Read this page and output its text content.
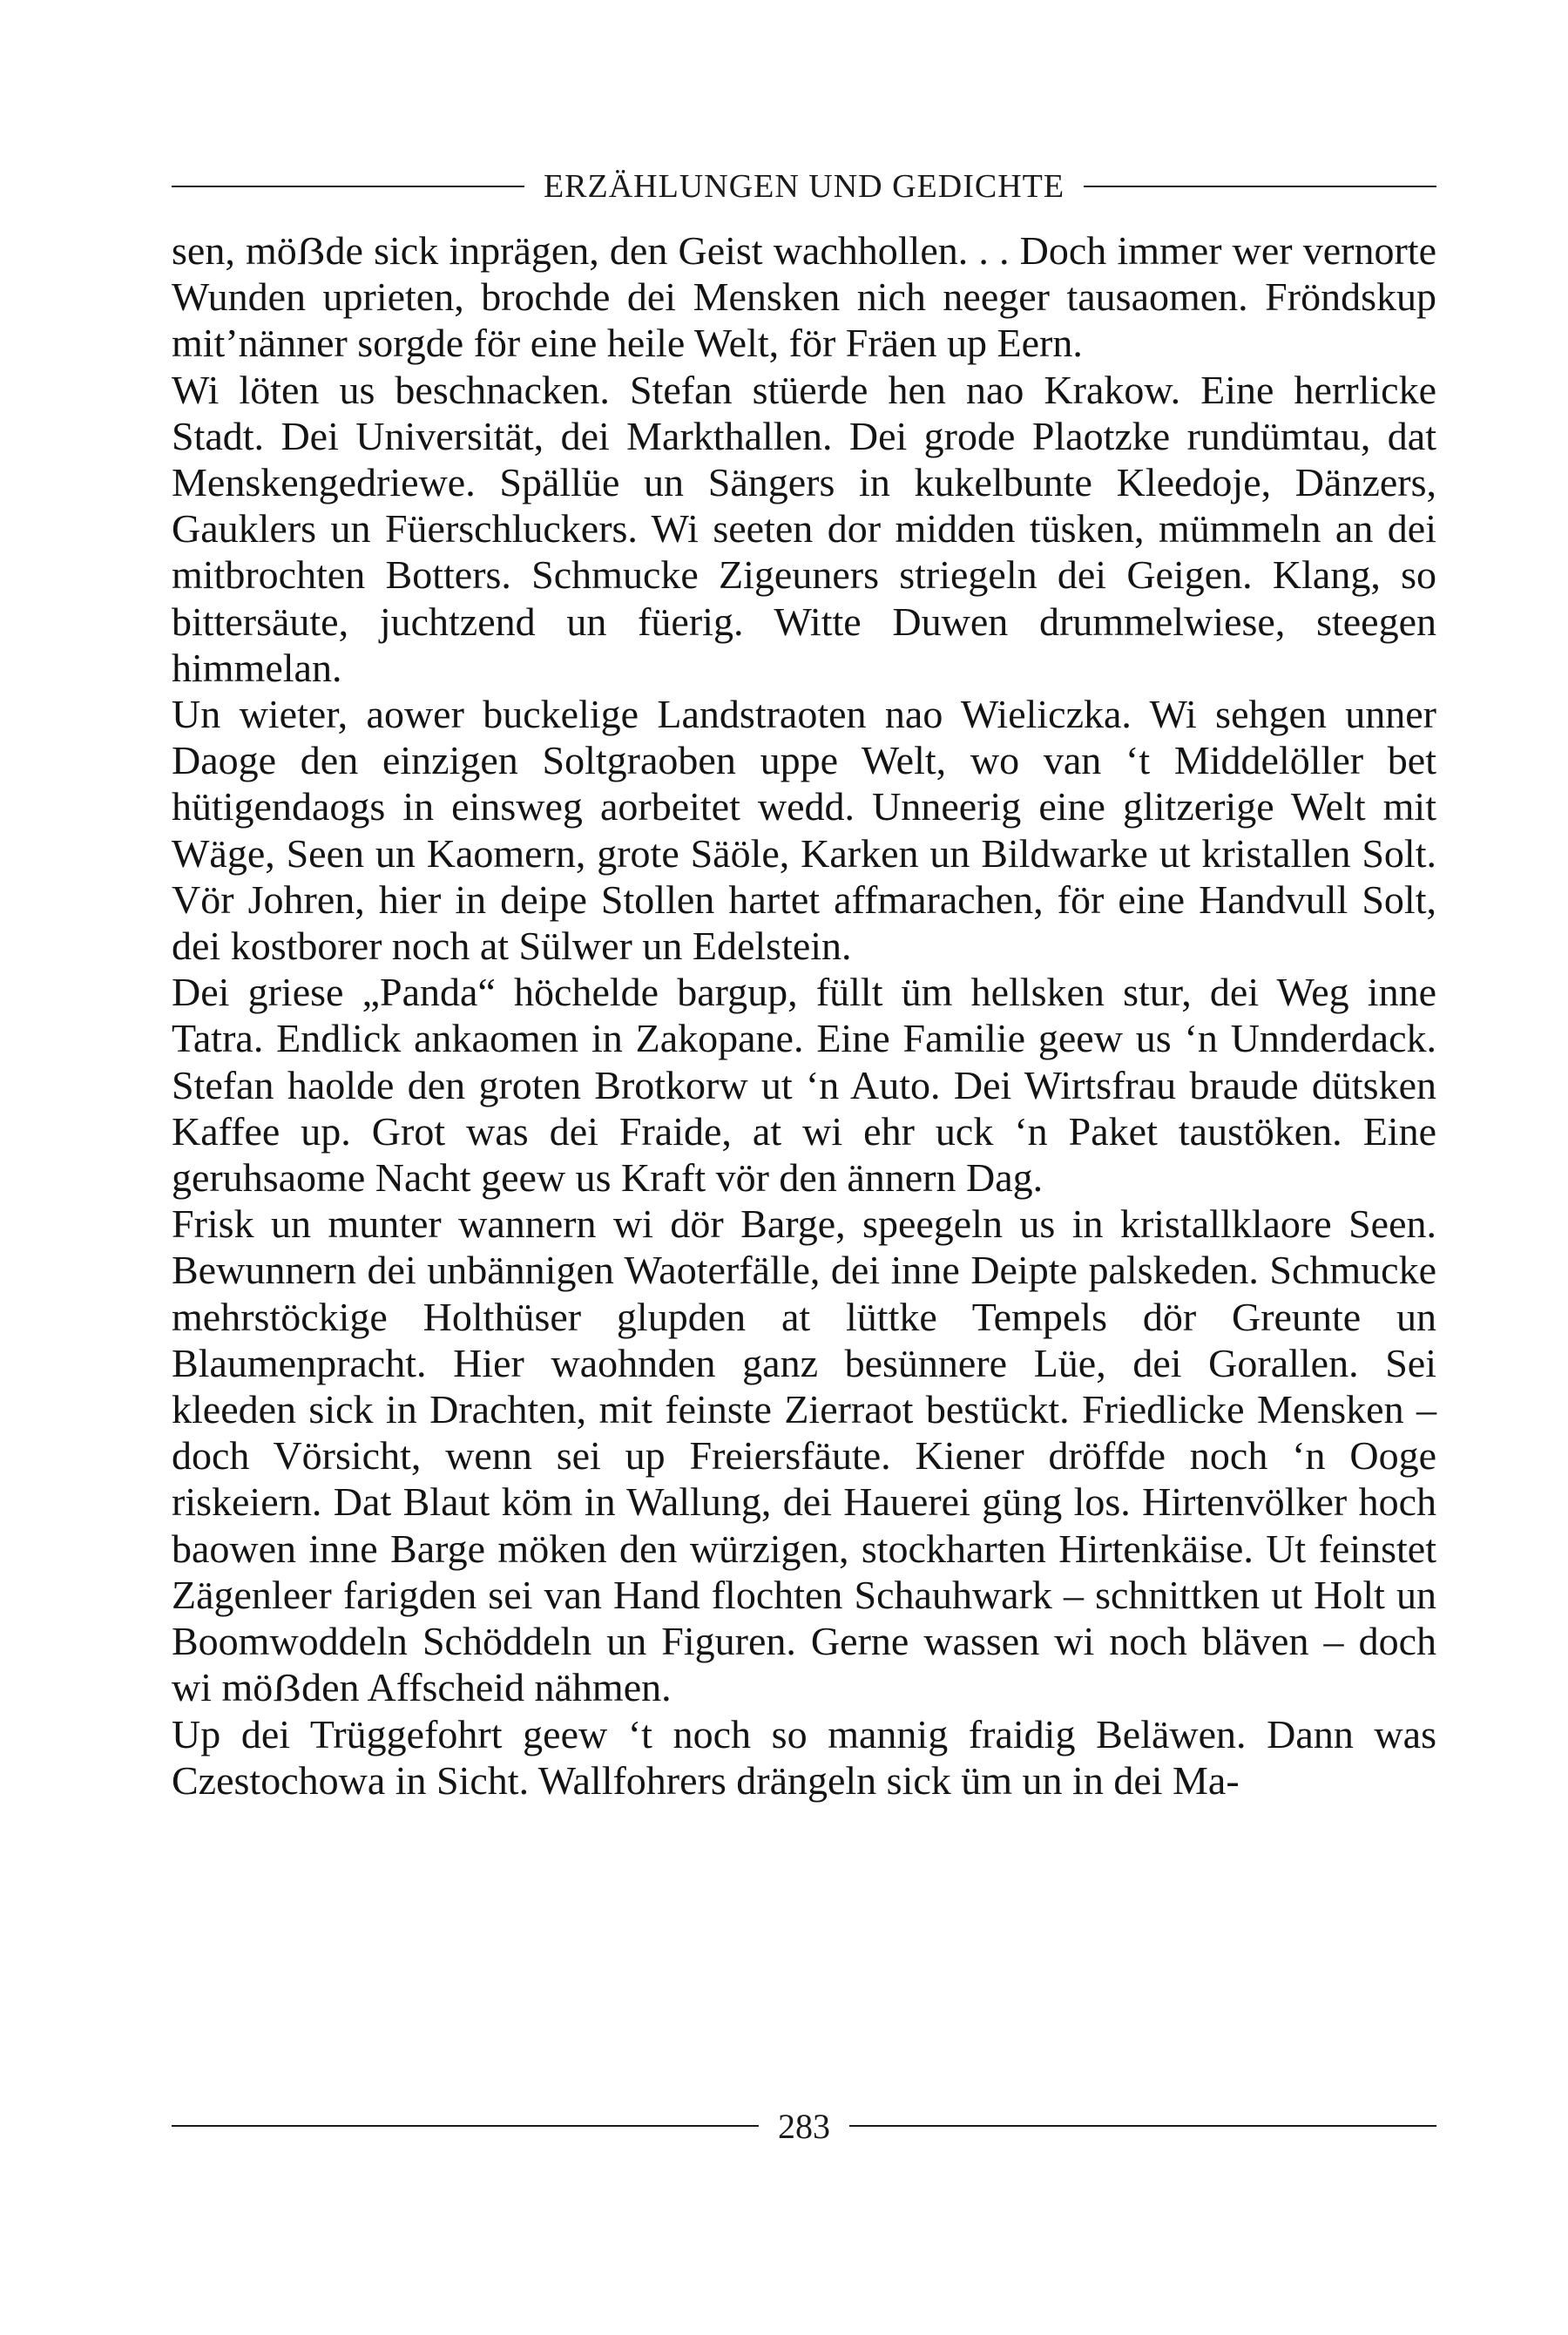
ERZÄHLUNGEN UND GEDICHTE

sen, möẞde sick inprägen, den Geist wachhollen. . . Doch immer wer vernorte Wunden uprieten, brochde dei Mensken nich neeger tausaomen. Fröndskup mit’nänner sorgde för eine heile Welt, för Fräen up Eern.

Wi löten us beschnacken. Stefan stüerde hen nao Krakow. Eine herrlicke Stadt. Dei Universität, dei Markthallen. Dei grode Plaotzke rundümtau, dat Menskengedriewe. Spällüe un Sängers in kukelbunte Kleedoje, Dänzers, Gauklers un Füerschluckers. Wi seeten dor midden tüsken, mümmeln an dei mitbrochten Botters. Schmucke Zigeuners striegeln dei Geigen. Klang, so bittersäute, juchtzend un füerig. Witte Duwen drummelwiese, steegen himmelan.

Un wieter, aower buckelige Landstraoten nao Wieliczka. Wi sehgen unner Daoge den einzigen Soltgraoben uppe Welt, wo van ‘t Middelöller bet hütigendaogs in einsweg aorbeitet wedd. Unneerig eine glitzerige Welt mit Wäge, Seen un Kaomern, grote Säöle, Karken un Bildwarke ut kristallen Solt. Vör Johren, hier in deipe Stollen hartet affmarachen, för eine Handvull Solt, dei kostborer noch at Sülwer un Edelstein.

Dei griese „Panda“ höchelde bargup, füllt üm hellsken stur, dei Weg inne Tatra. Endlick ankaomen in Zakopane. Eine Familie geew us ‘n Unnderdack. Stefan haolde den groten Brotkorw ut ‘n Auto. Dei Wirtsfrau braude dütsken Kaffee up. Grot was dei Fraide, at wi ehr uck ‘n Paket taustöken. Eine geruhsaome Nacht geew us Kraft vör den ännern Dag.

Frisk un munter wannern wi dör Barge, speegeln us in kristallklaore Seen. Bewunnern dei unbännigen Waoterfälle, dei inne Deipte palskeden. Schmucke mehrstöckige Holthüser glupden at lüttke Tempels dör Greunte un Blaumenpracht. Hier waohnden ganz besünnere Lüe, dei Gorallen. Sei kleeden sick in Drachten, mit feinste Zierraot bestückt. Friedlicke Mensken – doch Vörsicht, wenn sei up Freiersfäute. Kiener dröffde noch ‘n Ooge riskeiern. Dat Blaut köm in Wallung, dei Hauerei güng los. Hirtenvölker hoch baowen inne Barge möken den würzigen, stockharten Hirtenkäise. Ut feinstet Zägenleer farigden sei van Hand flochten Schauhwark – schnittken ut Holt un Boomwoddeln Schöddeln un Figuren. Gerne wassen wi noch bläven – doch wi möẞden Affscheid nähmen.

Up dei Trüggefohrt geew ‘t noch so mannig fraidig Beläwen. Dann was Czestochowa in Sicht. Wallfohrers drängeln sick üm un in dei Ma-

283
